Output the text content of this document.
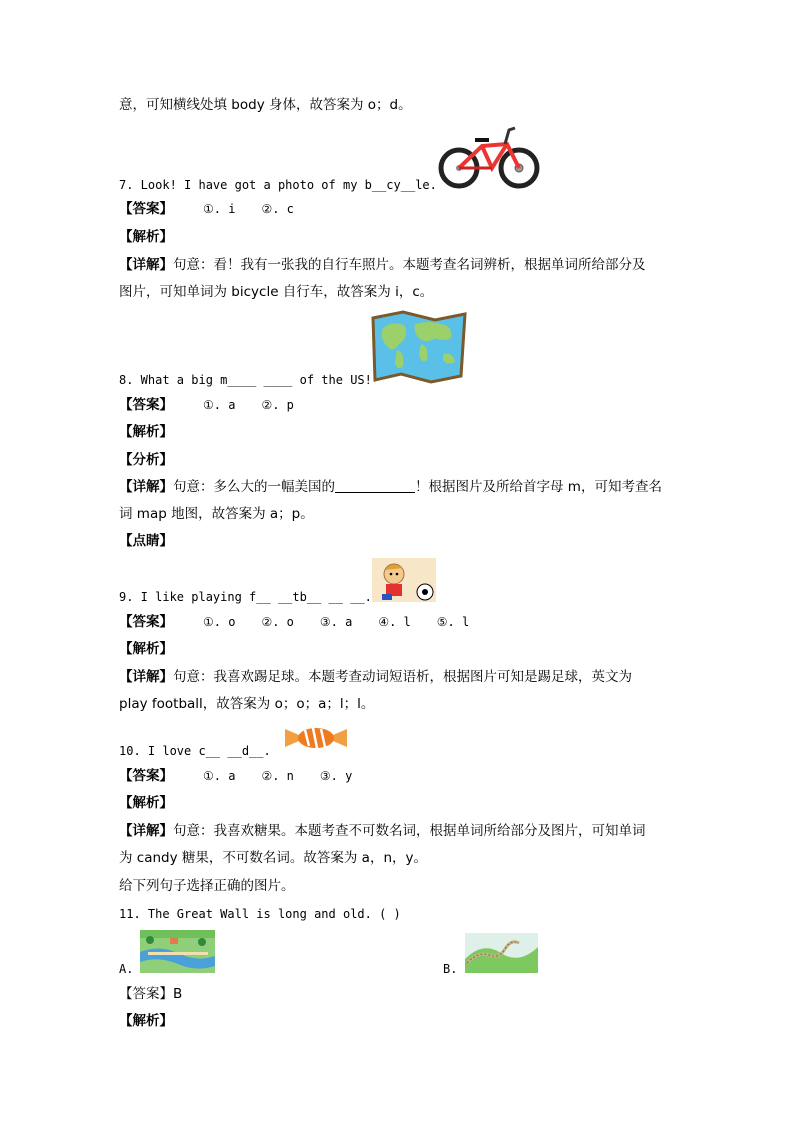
意，可知横线处填 body 身体，故答案为 o；d。
7. Look! I have got a photo of my b__cy__le.
【答案】	①. i ②. c
【解析】
【详解】句意：看！我有一张我的自行车照片。本题考查名词辨析，根据单词所给部分及
图片，可知单词为 bicycle 自行车，故答案为 i，c。
8. What a big m____ ____ of the US!
【答案】	①. a ②. p
【解析】
【分析】
【详解】句意：多么大的一幅美国的	！根据图片及所给首字母 m，可知考查名
词 map 地图，故答案为 a；p。
【点睛】
9. I like playing f__ __tb__ __ __.
【答案】	①. o ②. o ③. a ④. l ⑤. l
【解析】
【详解】句意：我喜欢踢足球。本题考查动词短语析，根据图片可知是踢足球，英文为
play football，故答案为 o；o；a；l；l。
10. I love c__ __d__.
【答案】	①. a ②. n ③. y
【解析】
【详解】句意：我喜欢糖果。本题考查不可数名词，根据单词所给部分及图片，可知单词
为 candy 糖果，不可数名词。故答案为 a，n，y。
给下列句子选择正确的图片。
11. The Great Wall is long and old. ( )
A.	B.
【答案】B
【解析】
